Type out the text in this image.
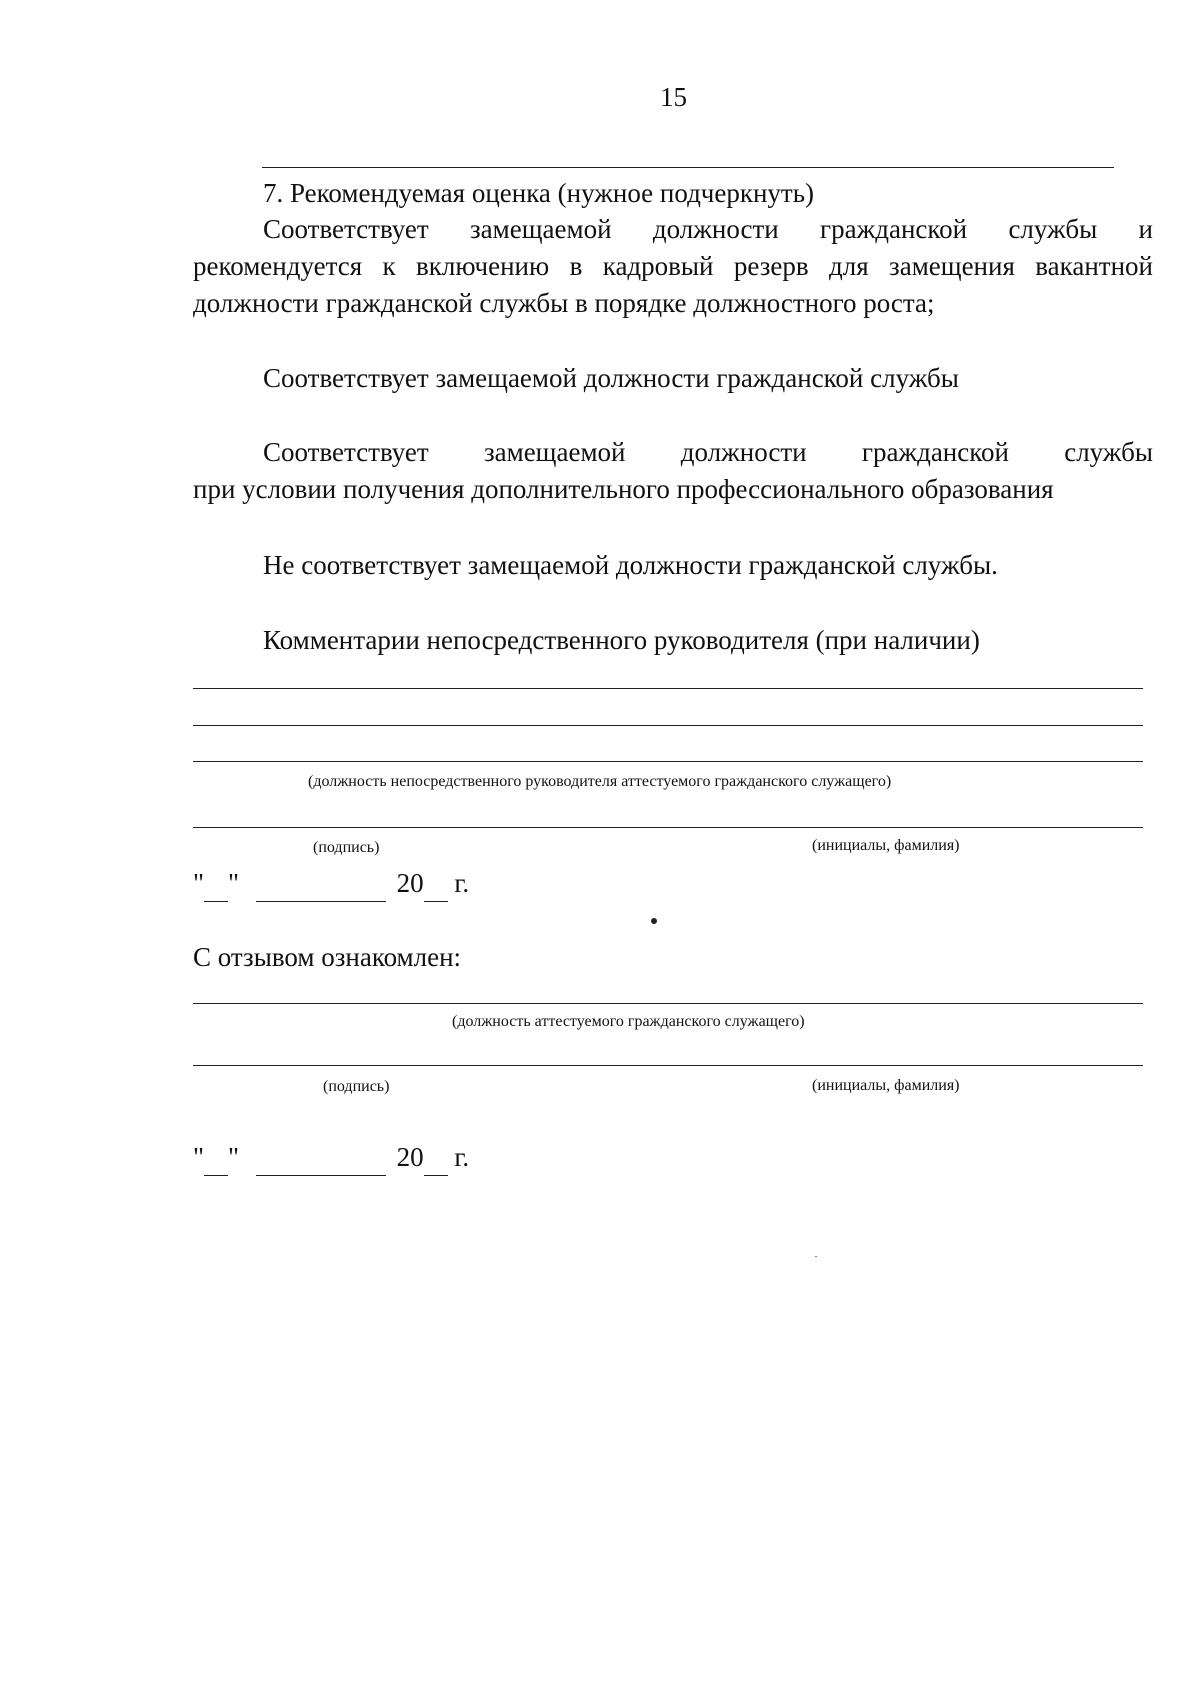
15
7. Рекомендуемая оценка (нужное подчеркнуть)
Соответствует замещаемой должности гражданской службы и
рекомендуется к включению в кадровый резерв для замещения вакантной
должности гражданской службы в порядке должностного роста;
Соответствует замещаемой должности гражданской службы
Соответствует замещаемой должности гражданской службы
при условии получения дополнительного профессионального образования
Не соответствует замещаемой должности гражданской службы.
Комментарии непосредственного руководителя (при наличии)
(должность непосредственного руководителя аттестуемого гражданского служащего)
(подпись)	(инициалы, фамилия)
" "	20 г.
С отзывом ознакомлен:
(должность аттестуемого гражданского служащего)
(подпись)	(инициалы, фамилия)
" "	20 г.
